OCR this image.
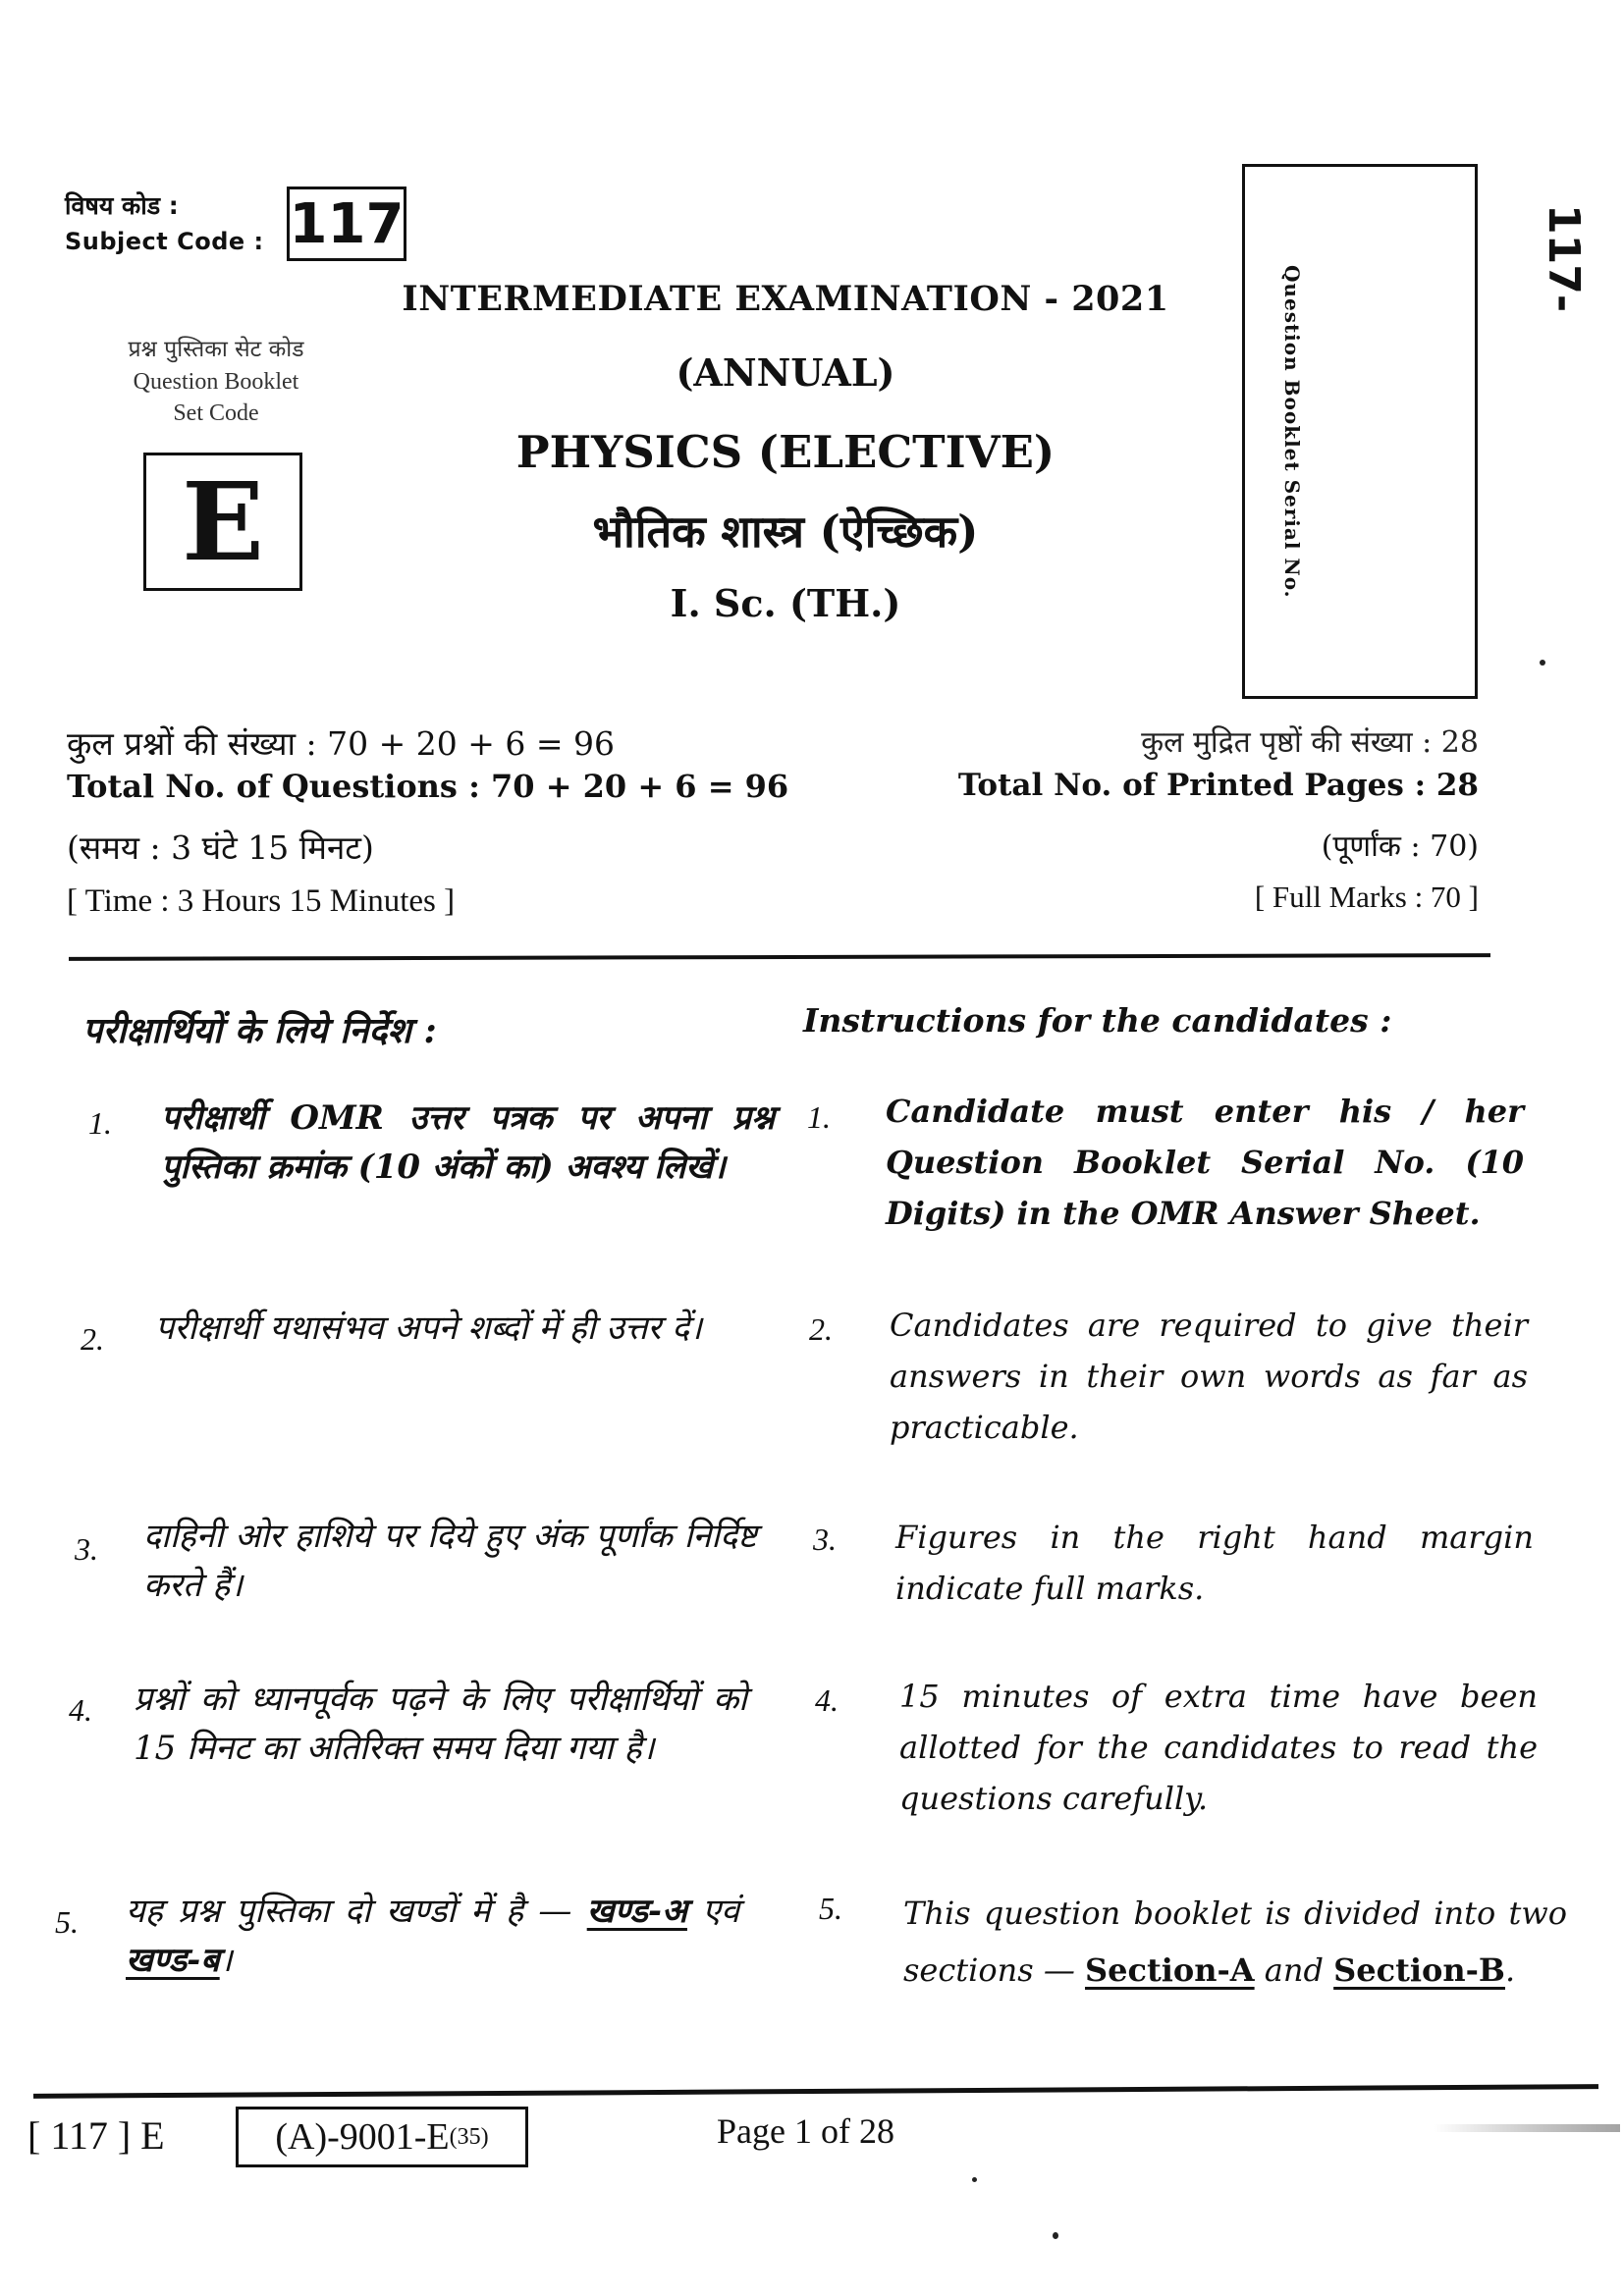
विषय कोड :
Subject Code : 117
प्रश्न पुस्तिका सेट कोड
Question Booklet
Set Code
E
INTERMEDIATE EXAMINATION - 2021
(ANNUAL)
PHYSICS (ELECTIVE)
भौतिक शास्त्र (ऐच्छिक)
I. Sc. (TH.)
Question Booklet Serial No.
117-
कुल प्रश्नों की संख्या : 70 + 20 + 6 = 96
Total No. of Questions : 70 + 20 + 6 = 96
(समय : 3 घंटे 15 मिनट)
[ Time : 3 Hours 15 Minutes ]
कुल मुद्रित पृष्ठों की संख्या : 28
Total No. of Printed Pages : 28
(पूर्णांक : 70)
[ Full Marks : 70 ]
परीक्षार्थियों के लिये निर्देश :	Instructions for the candidates :
1. परीक्षार्थी OMR उत्तर पत्रक पर अपना प्रश्न पुस्तिका क्रमांक (10 अंकों का) अवश्य लिखें।
1. Candidate must enter his / her Question Booklet Serial No. (10 Digits) in the OMR Answer Sheet.
2. परीक्षार्थी यथासंभव अपने शब्दों में ही उत्तर दें।	2. Candidates are required to give their answers in their own words as far as practicable.
3. दाहिनी ओर हाशिये पर दिये हुए अंक पूर्णांक निर्दिष्ट करते हैं।
3. Figures in the right hand margin indicate full marks.
4. प्रश्नों को ध्यानपूर्वक पढ़ने के लिए परीक्षार्थियों को 15 मिनट का अतिरिक्त समय दिया गया है।
4. 15 minutes of extra time have been allotted for the candidates to read the questions carefully.
5. यह प्रश्न पुस्तिका दो खण्डों में है — खण्ड-अ एवं खण्ड-ब।
5. This question booklet is divided into two sections — Section-A and Section-B.
[ 117 ] E	(A)-9001-E (35)	Page 1 of 28
